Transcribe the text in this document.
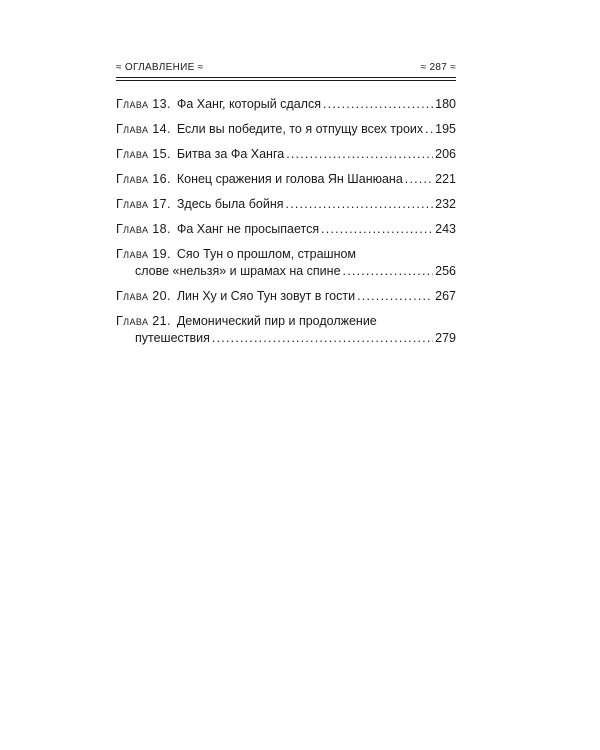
≈ ОГЛАВЛЕНИЕ ≈	≈ 287 ≈
Глава 13. Фа Ханг, который сдался .....	180
Глава 14. Если вы победите, то я отпущу всех троих ..... 195
Глава 15. Битва за Фа Ханга .....	206
Глава 16. Конец сражения и голова Ян Шанюана .....	221
Глава 17. Здесь была бойня .....	232
Глава 18. Фа Ханг не просыпается .....	243
Глава 19. Сяо Тун о прошлом, страшном
слове «нельзя» и шрамах на спине .....	256
Глава 20. Лин Ху и Сяо Тун зовут в гости .....	267
Глава 21. Демонический пир и продолжение
путешествия .....	279
